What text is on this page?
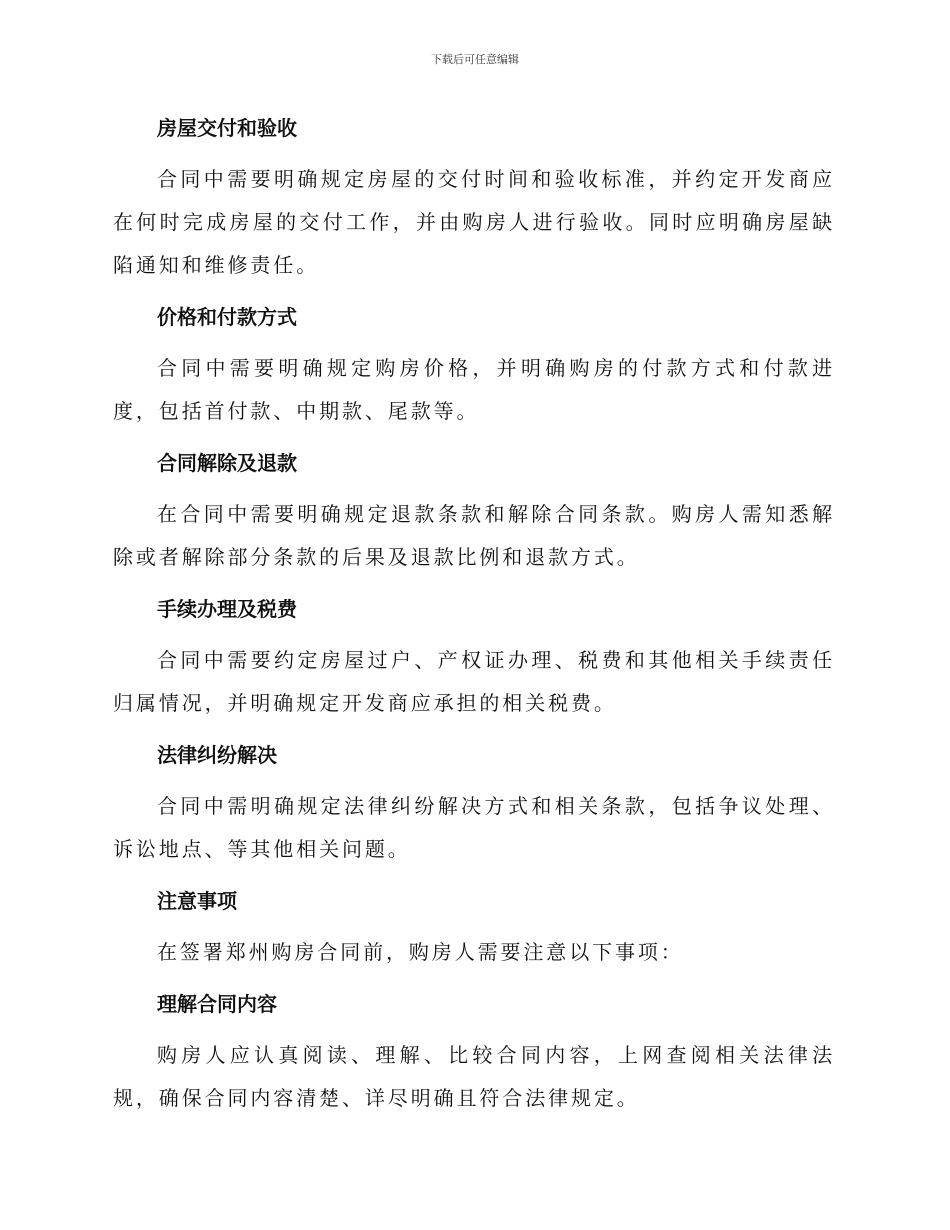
下载后可任意编辑
房屋交付和验收

合同中需要明确规定房屋的交付时间和验收标准，并约定开发商应在何时完成房屋的交付工作，并由购房人进行验收。同时应明确房屋缺陷通知和维修责任。

价格和付款方式

合同中需要明确规定购房价格，并明确购房的付款方式和付款进度，包括首付款、中期款、尾款等。

合同解除及退款

在合同中需要明确规定退款条款和解除合同条款。购房人需知悉解除或者解除部分条款的后果及退款比例和退款方式。

手续办理及税费

合同中需要约定房屋过户、产权证办理、税费和其他相关手续责任归属情况，并明确规定开发商应承担的相关税费。

法律纠纷解决

合同中需明确规定法律纠纷解决方式和相关条款，包括争议处理、诉讼地点、等其他相关问题。

注意事项

在签署郑州购房合同前，购房人需要注意以下事项：

理解合同内容

购房人应认真阅读、理解、比较合同内容，上网查阅相关法律法规，确保合同内容清楚、详尽明确且符合法律规定。
